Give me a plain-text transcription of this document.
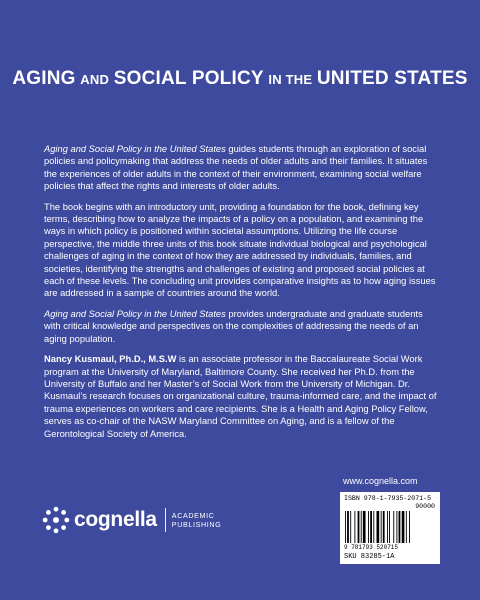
AGING AND SOCIAL POLICY IN THE UNITED STATES

Aging and Social Policy in the United States guides students through an exploration of social policies and policymaking that address the needs of older adults and their families. It situates the experiences of older adults in the context of their environment, examining social welfare policies that affect the rights and interests of older adults.

The book begins with an introductory unit, providing a foundation for the book, defining key terms, describing how to analyze the impacts of a policy on a population, and examining the ways in which policy is positioned within societal assumptions. Utilizing the life course perspective, the middle three units of this book situate individual biological and psychological challenges of aging in the context of how they are addressed by individuals, families, and societies, identifying the strengths and challenges of existing and proposed social policies at each of these levels. The concluding unit provides comparative insights as to how aging issues are addressed in a sample of countries around the world.

Aging and Social Policy in the United States provides undergraduate and graduate students with critical knowledge and perspectives on the complexities of addressing the needs of an aging population.

Nancy Kusmaul, Ph.D., M.S.W is an associate professor in the Baccalaureate Social Work program at the University of Maryland, Baltimore County. She received her Ph.D. from the University of Buffalo and her Master’s of Social Work from the University of Michigan. Dr. Kusmaul’s research focuses on organizational culture, trauma-informed care, and the impact of trauma experiences on workers and care recipients. She is a Health and Aging Policy Fellow, serves as co-chair of the NASW Maryland Committee on Aging, and is a fellow of the Gerontological Society of America.

www.cognella.com
ISBN 978-1-7935-2071-5
90000
9 781793 520715
SKU 83285-1A
cognella ACADEMIC
PUBLISHING
